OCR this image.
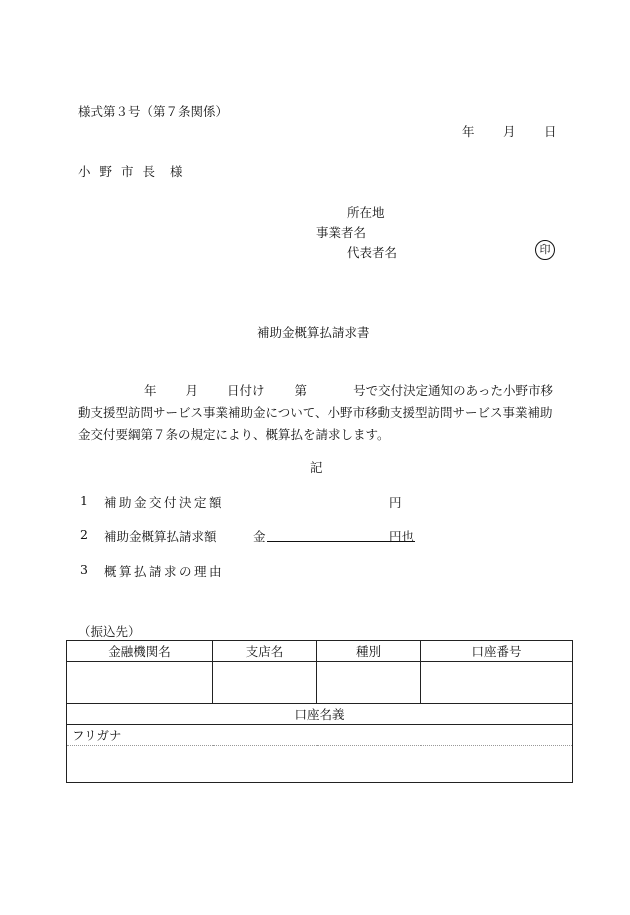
様式第３号（第７条関係）
年 月 日
小野市長 様
所在地
事業者名
代表者名	印
補助金概算払請求書
年 月 日付け 第	号で交付決定通知のあった小野市移動支援型訪問サービス事業補助金について、小野市移動支援型訪問サービス事業補助金交付要綱第７条の規定により、概算払を請求します。
記
1 補助金交付決定額	円
2 補助金概算払請求額	金	円也
3 概算払請求の理由
（振込先）
金融機関名	支店名	種別	口座番号

口座名義			
フリガナ			
